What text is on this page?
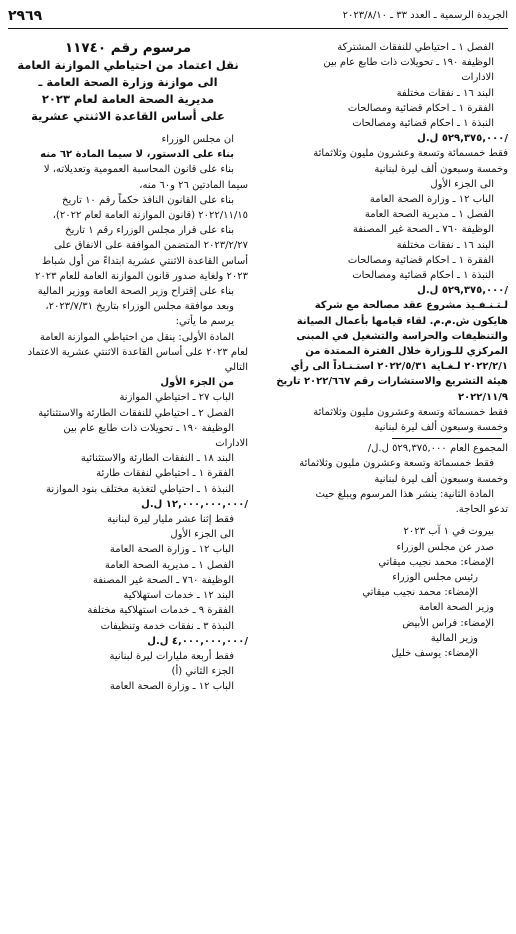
٢٩٦٩	الجريدة الرسمية ـ العدد ٣٣ ـ ٢٠٢٣/٨/١٠
الفصل ١ ـ احتياطي للنفقات المشتركة
الوظيفة ١٩٠ ـ تحويلات ذات طابع عام بين
الادارات
البند ١٦ ـ نفقات مختلفة
الفقرة ١ ـ احكام قضائية ومصالحات
النبذة ١ ـ احكام قضائية ومصالحات
٥٢٩,٣٧٥,٠٠٠ ل.ل/
فقط خمسمائة وتسعة وعشرون مليون وثلاثمائة
وخمسة وسبعون ألف ليرة لبنانية
الى الجزء الأول
الباب ١٢ ـ وزارة الصحة العامة
الفصل ١ ـ مديرية الصحة العامة
الوظيفة ٧٦٠ ـ الصحة غير المصنفة
البند ١٦ ـ نفقات مختلفة
الفقرة ١ ـ احكام قضائية ومصالحات
النبذة ١ ـ احكام قضائية ومصالحات
٥٢٩,٣٧٥,٠٠٠ ل.ل/
لـتـنـفـيذ مشروع عقد مصالحة مع شركة
هايكون ش.م.م. لقاء قيامها بأعمال الصيانة
والتنظيفات والحراسة والتشغيل في المبنى
المركزي للـوزارة خلال الفترة الممتدة من
٢٠٢٢/٢/١ لـغـاية ٢٠٢٢/٥/٣١ استـنـاداً الى رأي
هيئة التشريع والاستشارات رقم ٢٠٢٢/٦٦٧ تاريخ
٢٠٢٢/١١/٩
فقط خمسمائة وتسعة وعشرون مليون وثلاثمائة
وخمسة وسبعون ألف ليرة لبنانية
المجموع العام ٥٢٩,٣٧٥,٠٠٠ ل.ل/
فقط خمسمائة وتسعة وعشرون مليون وثلاثمائة
وخمسة وسبعون ألف ليرة لبنانية
المادة الثانية: ينشر هذا المرسوم ويبلغ حيث
تدعو الحاجة.
بيروت في ١ آب ٢٠٢٣
صدر عن مجلس الوزراء
الإمضاء: محمد نجيب ميقاتي
رئيس مجلس الوزراء
الإمضاء: محمد نجيب ميقاتي
وزير الصحة العامة
الإمضاء: فراس الأبيض
وزير المالية
الإمضاء: يوسف خليل
مرسوم رقم ١١٧٤٠
نقل اعتماد من احتياطي الموازنة العامة
الى موازنة وزارة الصحة العامة ـ
مديرية الصحة العامة لعام ٢٠٢٣
على أساس القاعدة الاثنتي عشرية
ان مجلس الوزراء
بناء على الدستور، لا سيما المادة ٦٢ منه
بناء على قانون المحاسبة العمومية وتعديلاته، لا
سيما المادتين ٢٦ و٦٠ منه،
بناء على القانون النافذ حكماً رقم ١٠ تاريخ
٢٠٢٢/١١/١٥ (قانون الموازنة العامة لعام ٢٠٢٢)،
بناء على قرار مجلس الوزراء رقم ١ تاريخ
٢٠٢٣/٢/٢٧ المتضمن الموافقة على الانفاق على
أساس القاعدة الاثنتي عشرية ابتداءً من أول شباط
٢٠٢٣ ولغاية صدور قانون الموازنة العامة للعام ٢٠٢٣
بناء على إقتراح وزير الصحة العامة ووزير المالية
وبعد موافقة مجلس الوزراء بتاريخ ٢٠٢٣/٧/٣١،
يرسم ما يأتي:
المادة الأولى: ينقل من احتياطي الموازنة العامة
لعام ٢٠٢٣ على أساس القاعدة الاثنتي عشرية الاعتماد
التالي
من الجزء الأول
الباب ٢٧ ـ احتياطي الموازنة
الفصل ٢ ـ احتياطي للنفقات الطارئة والاستثنائية
الوظيفة ١٩٠ ـ تحويلات ذات طابع عام بين
الادارات
البند ١٨ ـ النفقات الطارئة والاستثنائية
الفقرة ١ ـ احتياطي لنفقات طارئة
النبذة ١ ـ احتياطي لتغذية مختلف بنود الموازنة
١٢,٠٠٠,٠٠٠,٠٠٠ ل.ل/
فقط إثنا عشر مليار ليرة لبنانية
الى الجزء الأول
الباب ١٢ ـ وزارة الصحة العامة
الفصل ١ ـ مديرية الصحة العامة
الوظيفة ٧٦٠ ـ الصحة غير المصنفة
البند ١٢ ـ خدمات استهلاكية
الفقرة ٩ ـ خدمات استهلاكية مختلفة
النبذة ٣ ـ نفقات خدمة وتنظيفات
٤,٠٠٠,٠٠٠,٠٠٠ ل.ل/
فقط أربعة مليارات ليرة لبنانية
الجزء الثاني (أ)
الباب ١٢ ـ وزارة الصحة العامة
